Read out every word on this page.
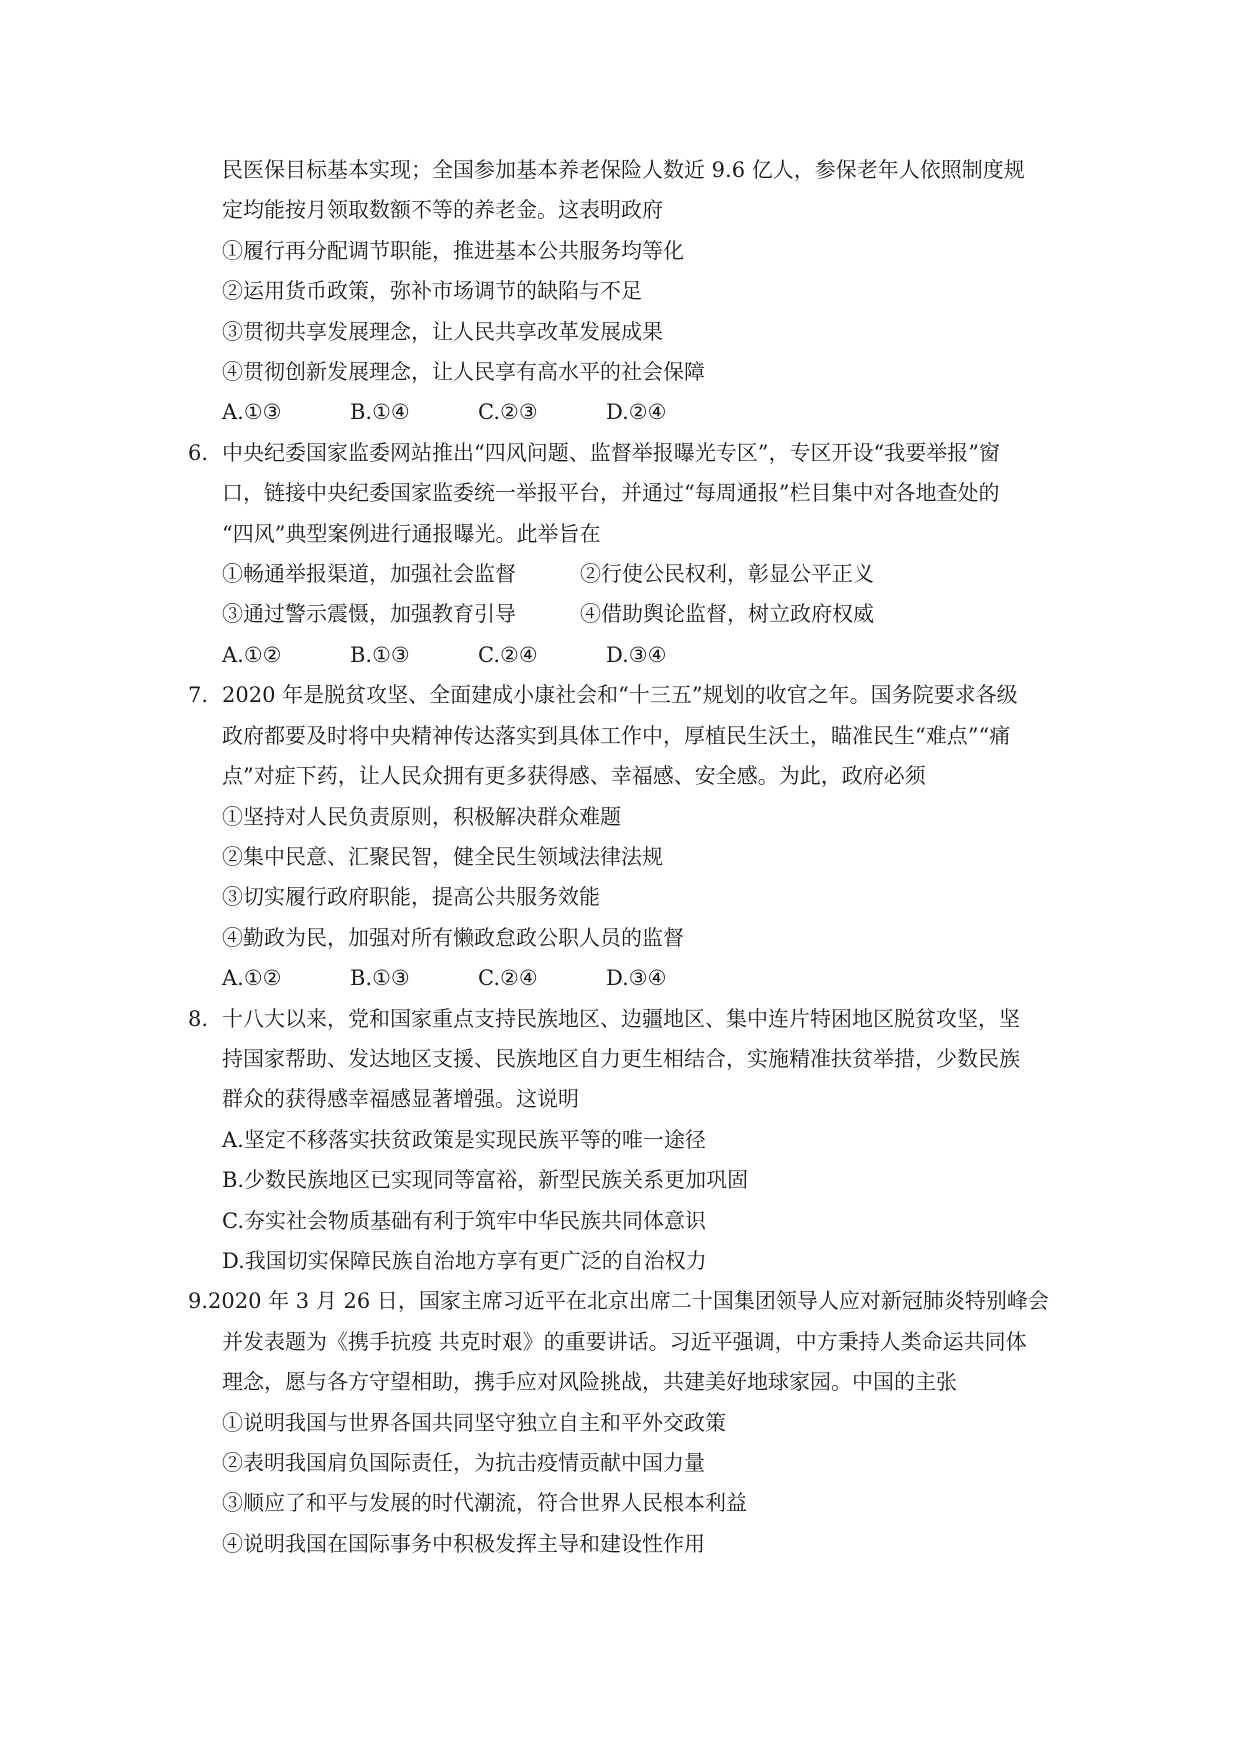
民医保目标基本实现；全国参加基本养老保险人数近 9.6 亿人，参保老年人依照制度规
定均能按月领取数额不等的养老金。这表明政府
①履行再分配调节职能，推进基本公共服务均等化
②运用货币政策，弥补市场调节的缺陷与不足
③贯彻共享发展理念，让人民共享改革发展成果
④贯彻创新发展理念，让人民享有高水平的社会保障
A.①③	B.①④	C.②③	D.②④
6. 中央纪委国家监委网站推出“四风问题、监督举报曝光专区”，专区开设“我要举报”窗
口，链接中央纪委国家监委统一举报平台，并通过“每周通报”栏目集中对各地查处的
“四风”典型案例进行通报曝光。此举旨在
①畅通举报渠道，加强社会监督	②行使公民权利，彰显公平正义
③通过警示震慑，加强教育引导	④借助舆论监督，树立政府权威
A.①②	B.①③	C.②④	D.③④
7. 2020 年是脱贫攻坚、全面建成小康社会和“十三五”规划的收官之年。国务院要求各级
政府都要及时将中央精神传达落实到具体工作中，厚植民生沃土，瞄准民生“难点”“痛
点”对症下药，让人民众拥有更多获得感、幸福感、安全感。为此，政府必须
①坚持对人民负责原则，积极解决群众难题
②集中民意、汇聚民智，健全民生领域法律法规
③切实履行政府职能，提高公共服务效能
④勤政为民，加强对所有懒政怠政公职人员的监督
A.①②	B.①③	C.②④	D.③④
8. 十八大以来，党和国家重点支持民族地区、边疆地区、集中连片特困地区脱贫攻坚，坚
持国家帮助、发达地区支援、民族地区自力更生相结合，实施精准扶贫举措，少数民族
群众的获得感幸福感显著增强。这说明
A.坚定不移落实扶贫政策是实现民族平等的唯一途径
B.少数民族地区已实现同等富裕，新型民族关系更加巩固
C.夯实社会物质基础有利于筑牢中华民族共同体意识
D.我国切实保障民族自治地方享有更广泛的自治权力
9. 2020 年 3 月 26 日，国家主席习近平在北京出席二十国集团领导人应对新冠肺炎特别峰会
并发表题为《携手抗疫 共克时艰》的重要讲话。习近平强调，中方秉持人类命运共同体
理念，愿与各方守望相助，携手应对风险挑战，共建美好地球家园。中国的主张
①说明我国与世界各国共同坚守独立自主和平外交政策
②表明我国肩负国际责任，为抗击疫情贡献中国力量
③顺应了和平与发展的时代潮流，符合世界人民根本利益
④说明我国在国际事务中积极发挥主导和建设性作用
